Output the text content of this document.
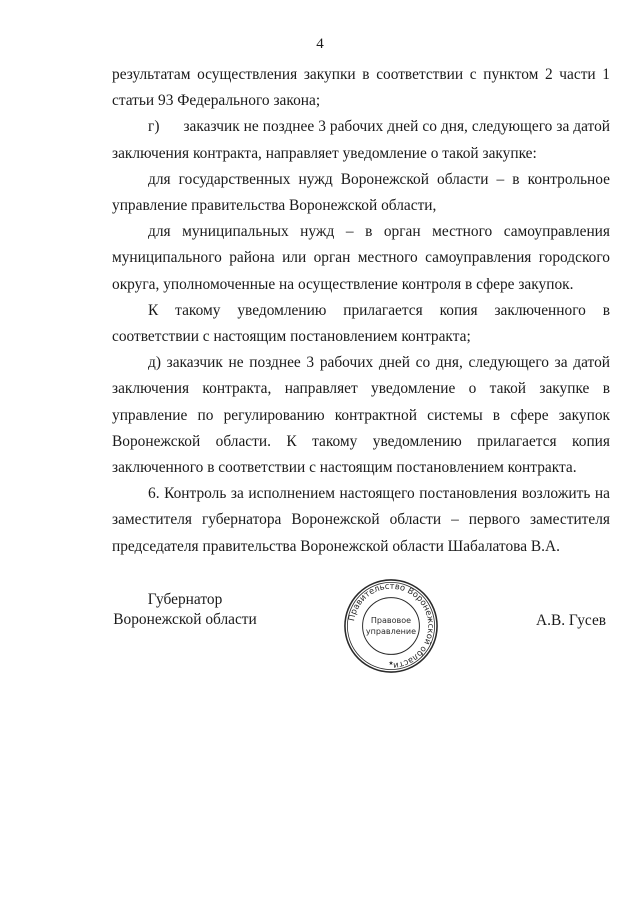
4

результатам осуществления закупки в соответствии с пунктом 2 части 1 статьи 93 Федерального закона;

г)      заказчик не позднее 3 рабочих дней со дня, следующего за датой заключения контракта, направляет уведомление о такой закупке:

для государственных нужд Воронежской области – в контрольное управление правительства Воронежской области,

для муниципальных нужд – в орган местного самоуправления муниципального района или орган местного самоуправления городского округа, уполномоченные на осуществление контроля в сфере закупок.

К такому уведомлению прилагается копия заключенного в соответствии с настоящим постановлением контракта;

д) заказчик не позднее 3 рабочих дней со дня, следующего за датой заключения контракта, направляет уведомление о такой закупке в управление по регулированию контрактной системы в сфере закупок Воронежской области. К такому уведомлению прилагается копия заключенного в соответствии с настоящим постановлением контракта.

6. Контроль за исполнением настоящего постановления возложить на заместителя губернатора Воронежской области – первого заместителя председателя правительства Воронежской области Шабалатова В.А.

Губернатор
Воронежской области	Правительство Воронежской области
Правовое
управление
★
А.В. Гусев
